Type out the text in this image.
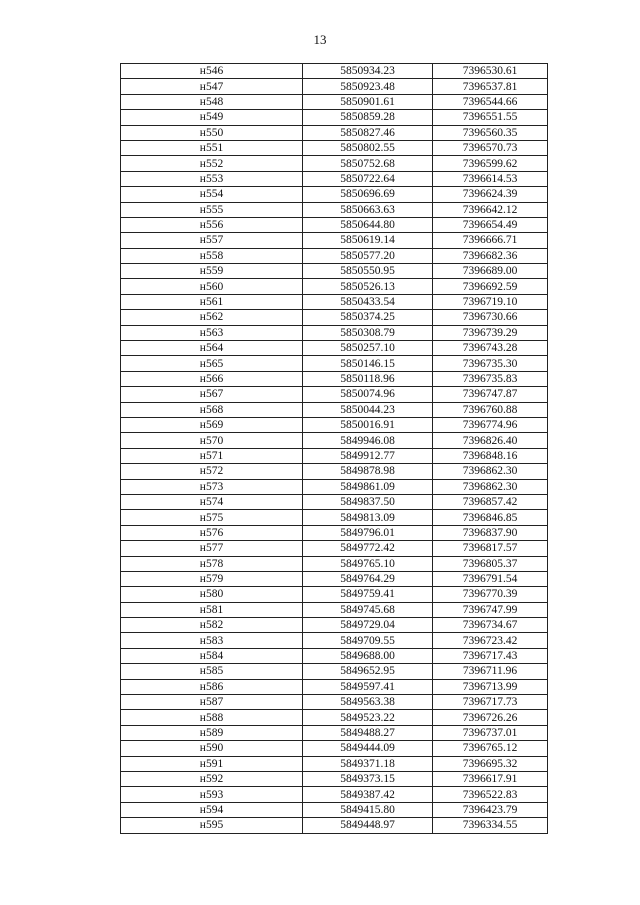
13
н546	5850934.23	7396530.61
н547	5850923.48	7396537.81
н548	5850901.61	7396544.66
н549	5850859.28	7396551.55
н550	5850827.46	7396560.35
н551	5850802.55	7396570.73
н552	5850752.68	7396599.62
н553	5850722.64	7396614.53
н554	5850696.69	7396624.39
н555	5850663.63	7396642.12
н556	5850644.80	7396654.49
н557	5850619.14	7396666.71
н558	5850577.20	7396682.36
н559	5850550.95	7396689.00
н560	5850526.13	7396692.59
н561	5850433.54	7396719.10
н562	5850374.25	7396730.66
н563	5850308.79	7396739.29
н564	5850257.10	7396743.28
н565	5850146.15	7396735.30
н566	5850118.96	7396735.83
н567	5850074.96	7396747.87
н568	5850044.23	7396760.88
н569	5850016.91	7396774.96
н570	5849946.08	7396826.40
н571	5849912.77	7396848.16
н572	5849878.98	7396862.30
н573	5849861.09	7396862.30
н574	5849837.50	7396857.42
н575	5849813.09	7396846.85
н576	5849796.01	7396837.90
н577	5849772.42	7396817.57
н578	5849765.10	7396805.37
н579	5849764.29	7396791.54
н580	5849759.41	7396770.39
н581	5849745.68	7396747.99
н582	5849729.04	7396734.67
н583	5849709.55	7396723.42
н584	5849688.00	7396717.43
н585	5849652.95	7396711.96
н586	5849597.41	7396713.99
н587	5849563.38	7396717.73
н588	5849523.22	7396726.26
н589	5849488.27	7396737.01
н590	5849444.09	7396765.12
н591	5849371.18	7396695.32
н592	5849373.15	7396617.91
н593	5849387.42	7396522.83
н594	5849415.80	7396423.79
н595	5849448.97	7396334.55
